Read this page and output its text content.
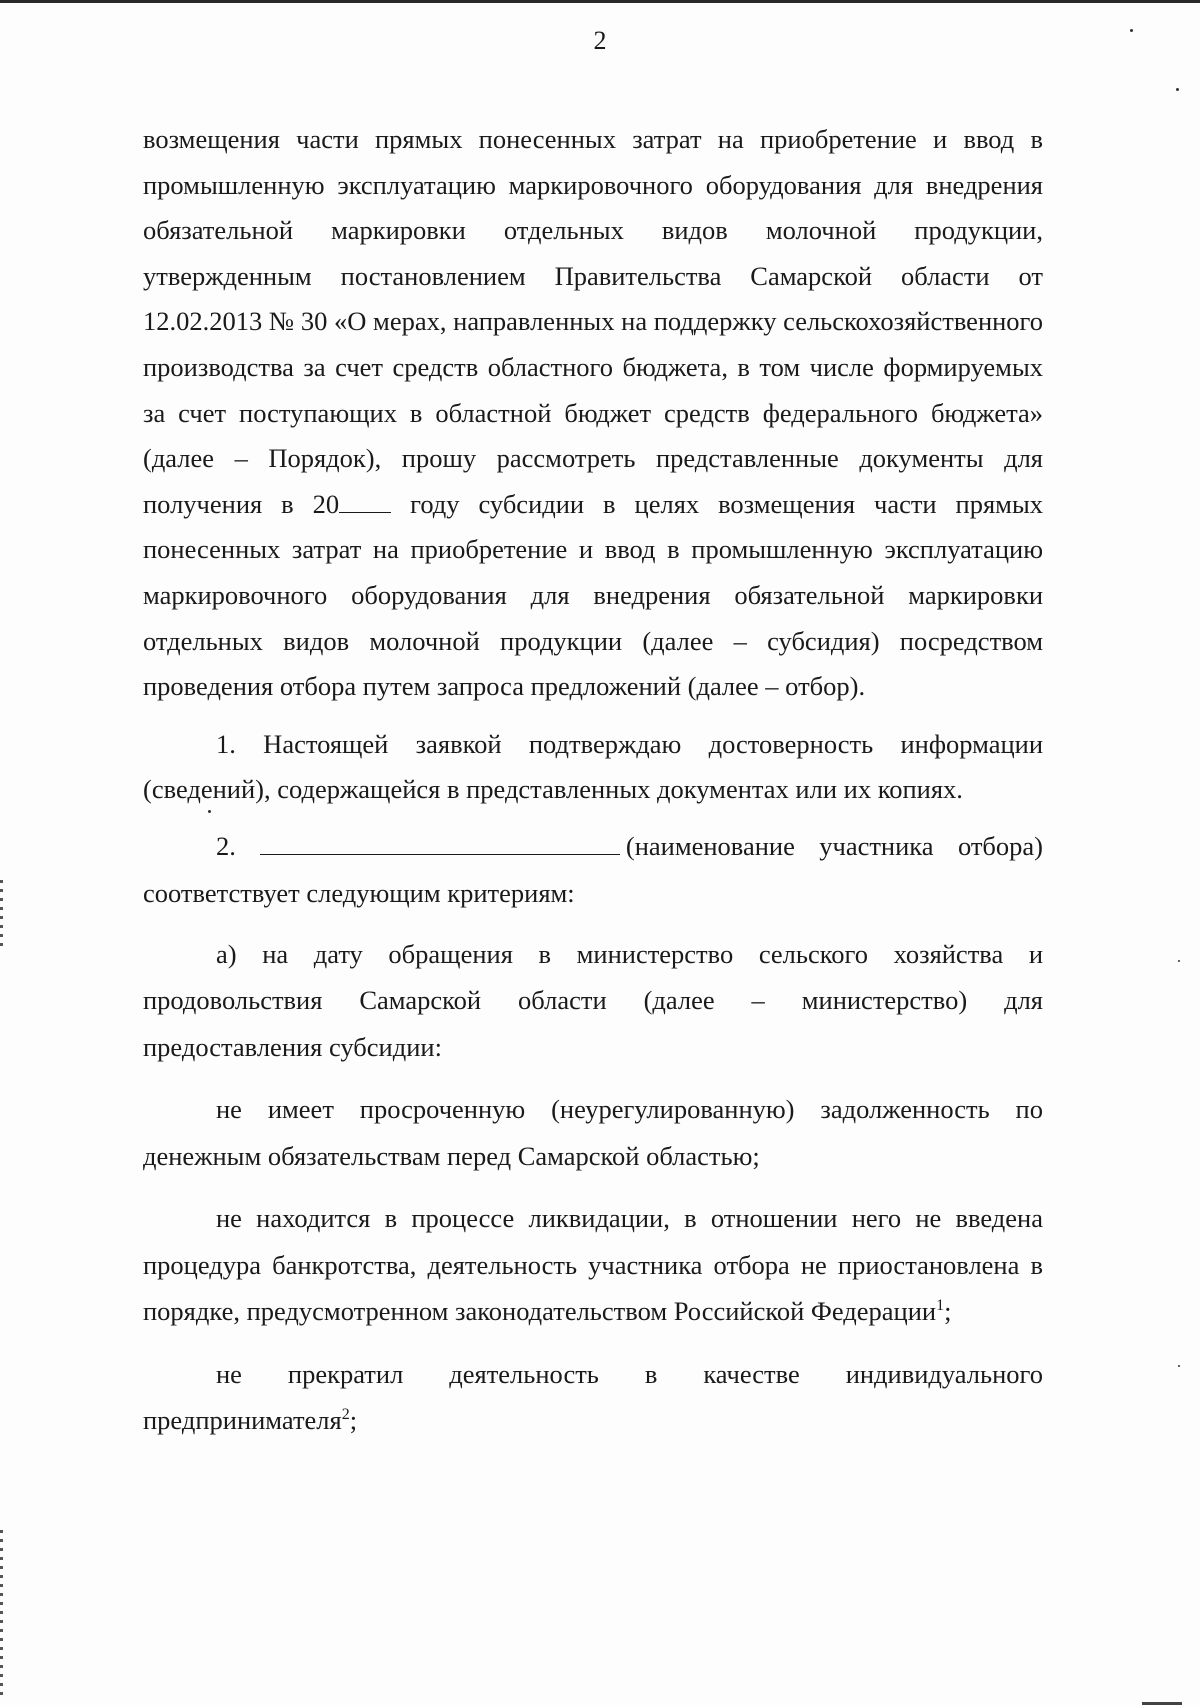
2

возмещения части прямых понесенных затрат на приобретение и ввод в промышленную эксплуатацию маркировочного оборудования для внедрения обязательной маркировки отдельных видов молочной продукции, утвержденным постановлением Правительства Самарской области от 12.02.2013 № 30 «О мерах, направленных на поддержку сельскохозяйственного производства за счет средств областного бюджета, в том числе формируемых за счет поступающих в областной бюджет средств федерального бюджета» (далее – Порядок), прошу рассмотреть представленные документы для получения в 20	году субсидии в целях возмещения части прямых понесенных затрат на приобретение и ввод в промышленную эксплуатацию маркировочного оборудования для внедрения обязательной маркировки отдельных видов молочной продукции (далее – субсидия) посредством проведения отбора путем запроса предложений (далее – отбор).

1. Настоящей заявкой подтверждаю достоверность информации (сведений), содержащейся в представленных документах или их копиях.

2.	(наименование участника отбора) соответствует следующим критериям:

а) на дату обращения в министерство сельского хозяйства и продовольствия Самарской области (далее – министерство) для предоставления субсидии:

не имеет просроченную (неурегулированную) задолженность по денежным обязательствам перед Самарской областью;

не находится в процессе ликвидации, в отношении него не введена процедура банкротства, деятельность участника отбора не приостановлена в порядке, предусмотренном законодательством Российской Федерации$^1$;

не прекратил деятельность в качестве индивидуального предпринимателя$^2$;
